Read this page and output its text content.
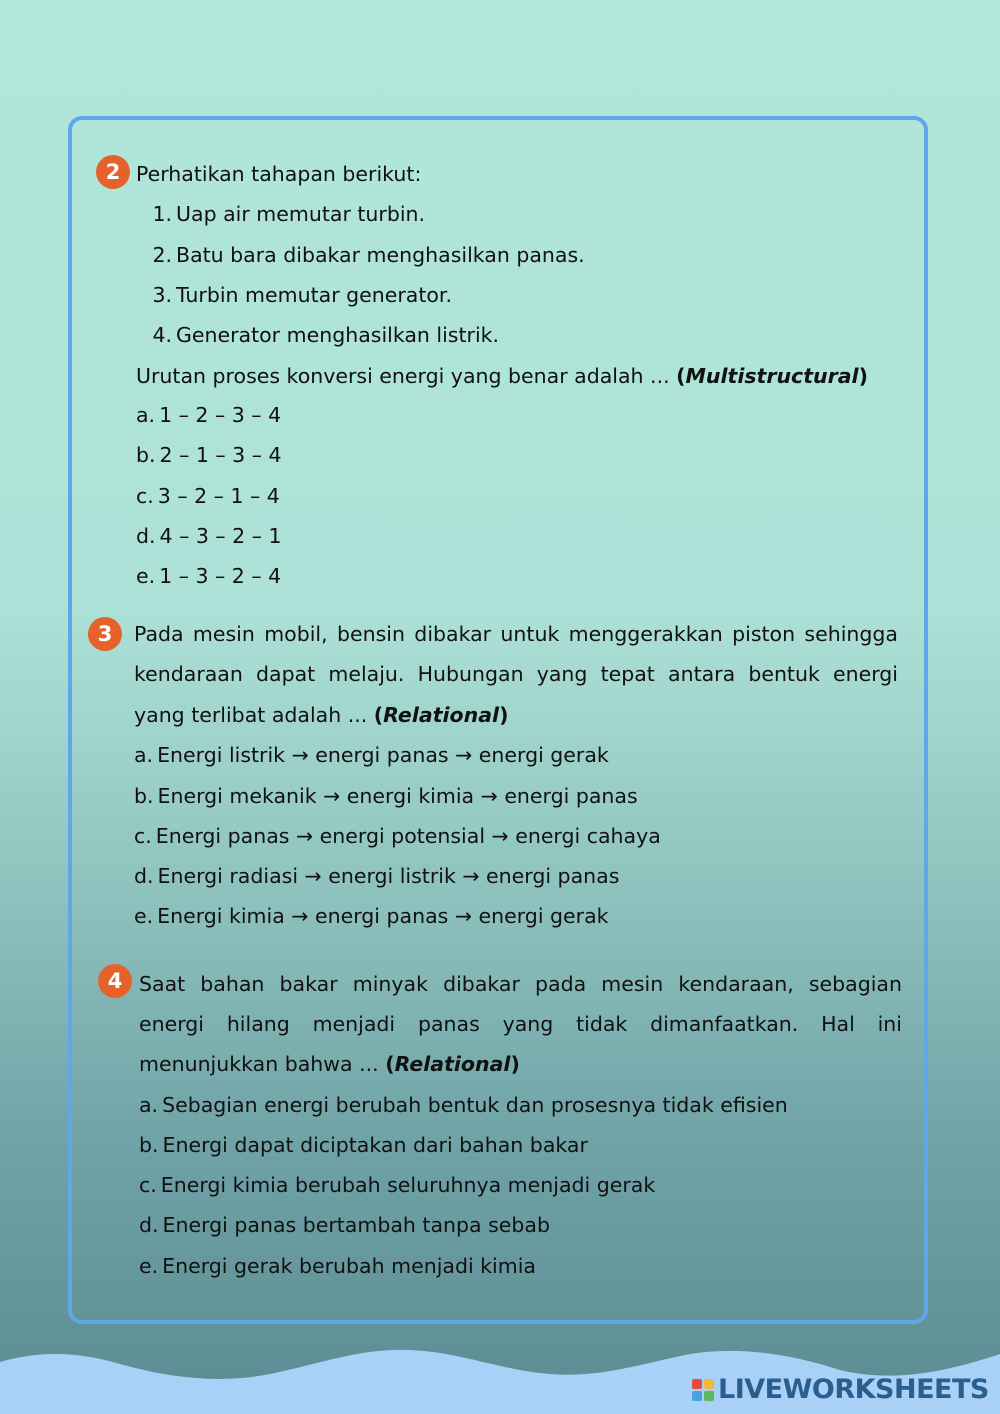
2 Perhatikan tahapan berikut:
1. Uap air memutar turbin.
2. Batu bara dibakar menghasilkan panas.
3. Turbin memutar generator.
4. Generator menghasilkan listrik.
Urutan proses konversi energi yang benar adalah ... (Multistructural)
a. 1 – 2 – 3 – 4
b. 2 – 1 – 3 – 4
c. 3 – 2 – 1 – 4
d. 4 – 3 – 2 – 1
e. 1 – 3 – 2 – 4
3	Pada mesin mobil, bensin dibakar untuk menggerakkan piston sehingga
kendaraan dapat melaju. Hubungan yang tepat antara bentuk energi
yang terlibat adalah ... (Relational)
a. Energi listrik → energi panas → energi gerak
b. Energi mekanik → energi kimia → energi panas
c. Energi panas → energi potensial → energi cahaya
d. Energi radiasi → energi listrik → energi panas
e. Energi kimia → energi panas → energi gerak
4 Saat bahan bakar minyak dibakar pada mesin kendaraan, sebagian
energi hilang menjadi panas yang tidak dimanfaatkan. Hal ini
menunjukkan bahwa ... (Relational)
a. Sebagian energi berubah bentuk dan prosesnya tidak efisien
b. Energi dapat diciptakan dari bahan bakar
c. Energi kimia berubah seluruhnya menjadi gerak
d. Energi panas bertambah tanpa sebab
e. Energi gerak berubah menjadi kimia
LIVEWORKSHEETS
